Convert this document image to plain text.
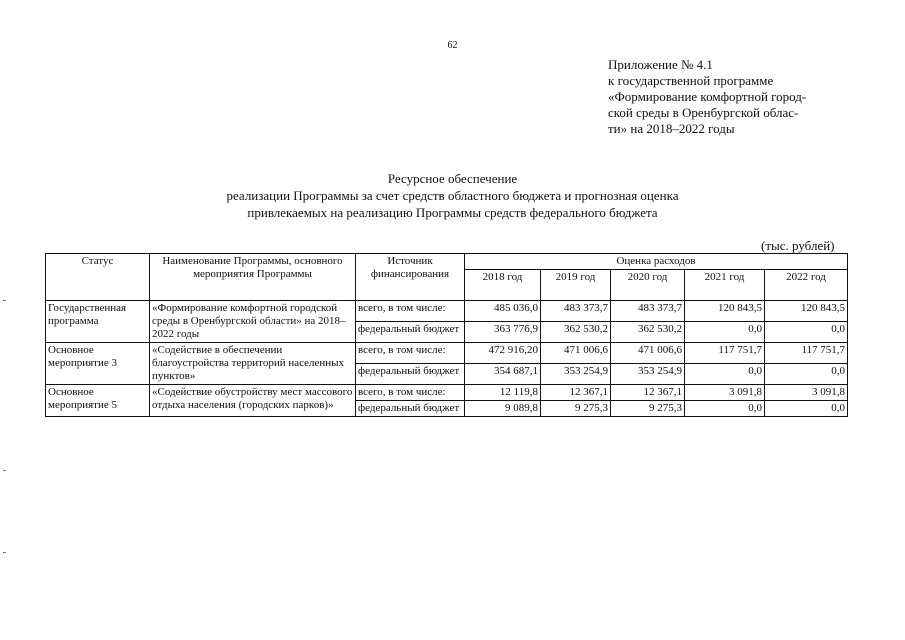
62
Приложение № 4.1
к государственной программе
«Формирование комфортной город-
ской среды в Оренбургской облас-
ти» на 2018–2022 годы
Ресурсное обеспечение
реализации Программы за счет средств областного бюджета и прогнозная оценка
привлекаемых на реализацию Программы средств федерального бюджета
(тыс. рублей)
Статус	Наименование Программы, основного мероприятия Программы	Источник финансирования	Оценка расходов				
			2018 год	2019 год	2020 год	2021 год	2022 год
Государственная программа	«Формирование комфортной городской среды в Оренбургской области» на 2018–2022 годы	всего, в том числе:	485 036,0	483 373,7	483 373,7	120 843,5	120 843,5
		федеральный бюджет	363 776,9	362 530,2	362 530,2	0,0	0,0
Основное мероприятие 3	«Содействие в обеспечении благоустройства территорий населенных пунктов»	всего, в том числе:	472 916,20	471 006,6	471 006,6	117 751,7	117 751,7
		федеральный бюджет	354 687,1	353 254,9	353 254,9	0,0	0,0
Основное мероприятие 5	«Содействие обустройству мест массового отдыха населения (городских парков)»	всего, в том числе:	12 119,8	12 367,1	12 367,1	3 091,8	3 091,8
		федеральный бюджет	9 089,8	9 275,3	9 275,3	0,0	0,0
